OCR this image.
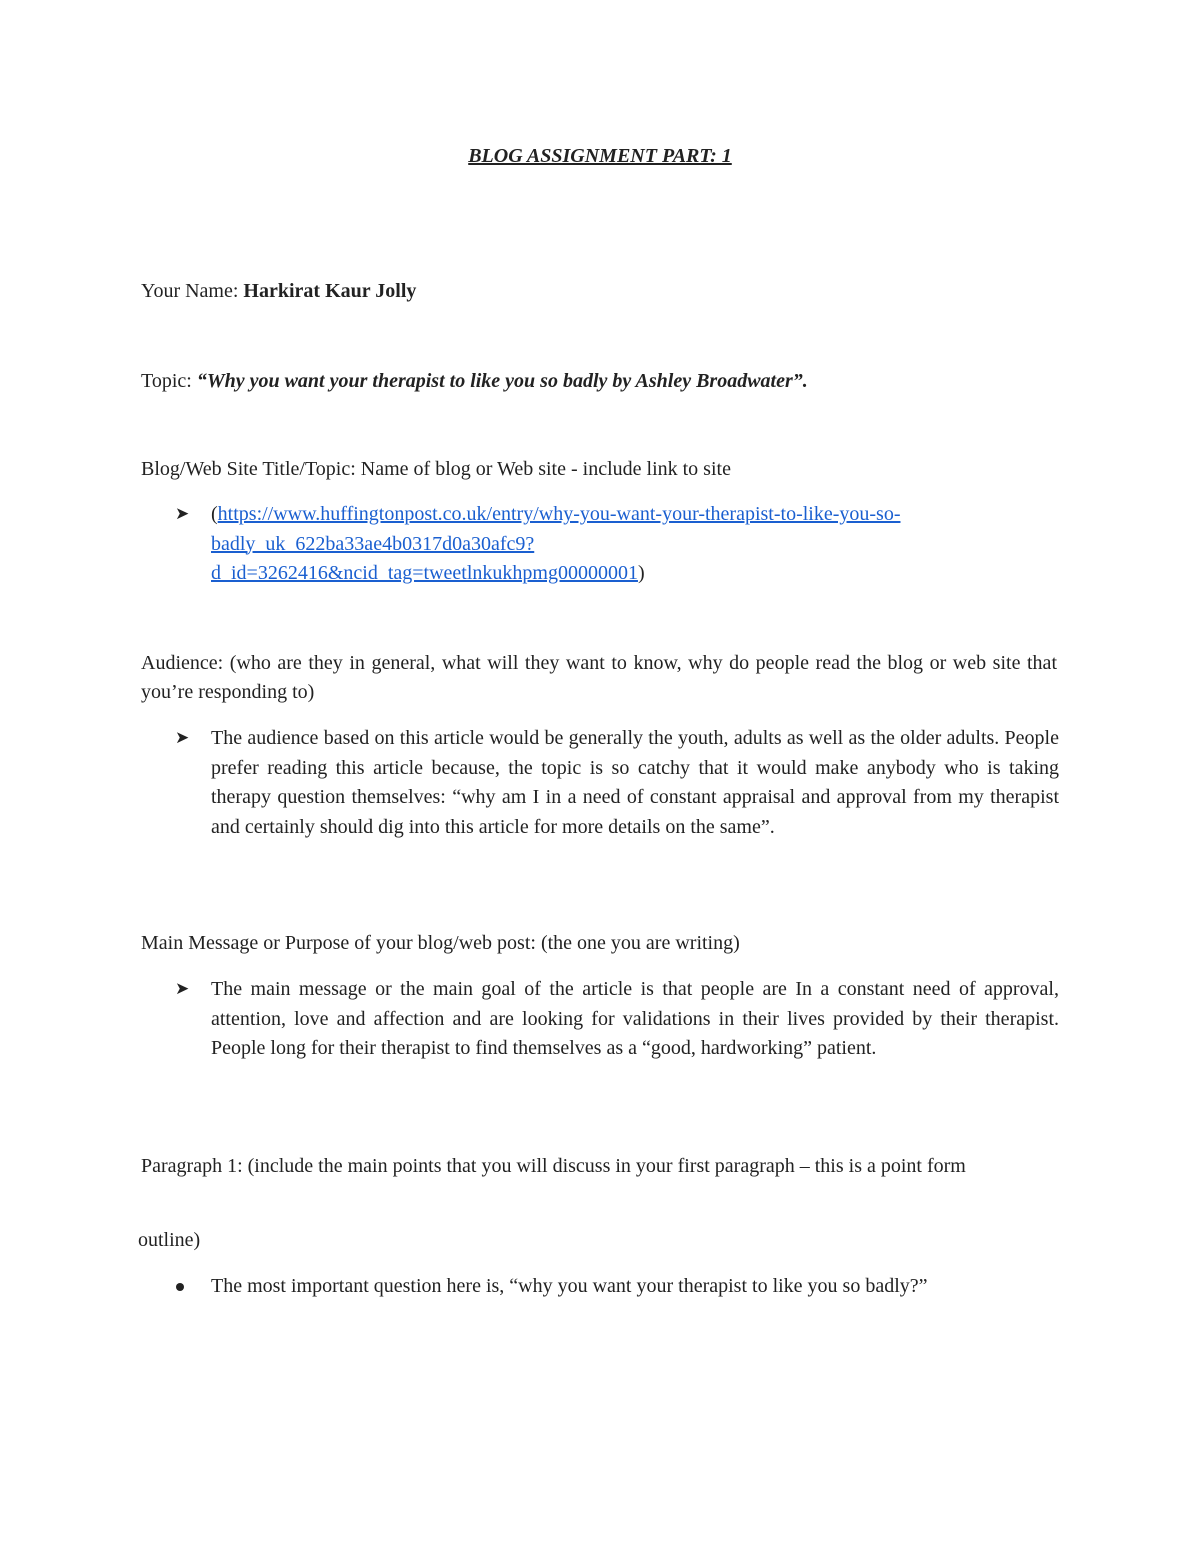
BLOG ASSIGNMENT PART: 1
Your Name: Harkirat Kaur Jolly
Topic: “Why you want your therapist to like you so badly by Ashley Broadwater”.
Blog/Web Site Title/Topic: Name of blog or Web site - include link to site
➤	(https://www.huffingtonpost.co.uk/entry/why-you-want-your-therapist-to-like-you-so-
badly_uk_622ba33ae4b0317d0a30afc9?
d_id=3262416&ncid_tag=tweetlnkukhpmg00000001)
Audience: (who are they in general, what will they want to know, why do people read the blog or web site that you’re responding to)
➤	The audience based on this article would be generally the youth, adults as well as the older adults. People prefer reading this article because, the topic is so catchy that it would make anybody who is taking therapy question themselves: “why am I in a need of constant appraisal and approval from my therapist and certainly should dig into this article for more details on the same”.
Main Message or Purpose of your blog/web post: (the one you are writing)
➤	The main message or the main goal of the article is that people are In a constant need of approval, attention, love and affection and are looking for validations in their lives provided by their therapist. People long for their therapist to find themselves as a “good, hardworking” patient.
Paragraph 1: (include the main points that you will discuss in your first paragraph – this is a point form
outline)
The most important question here is, “why you want your therapist to like you so badly?”
